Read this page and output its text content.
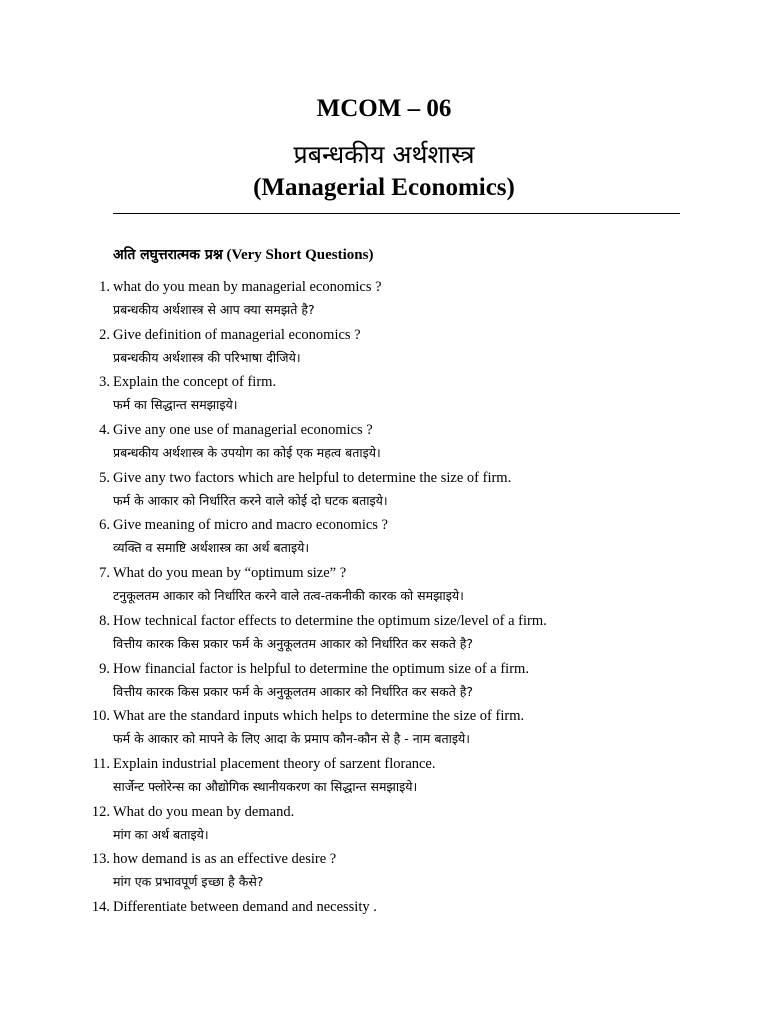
MCOM – 06
प्रबन्धकीय अर्थशास्त्र
(Managerial Economics)
अति लघुत्तरात्मक प्रश्न (Very Short Questions)
1. what do you mean by managerial economics ?
प्रबन्धकीय अर्थशास्त्र से आप क्या समझते है?
2. Give definition of managerial economics ?
प्रबन्धकीय अर्थशास्त्र की परिभाषा दीजिये।
3. Explain the concept of firm.
फर्म का सिद्धान्त समझाइये।
4. Give any one use of managerial economics ?
प्रबन्धकीय अर्थशास्त्र के उपयोग का कोई एक महत्व बताइये।
5. Give any two factors which are helpful to determine the size of firm.
फर्म के आकार को निर्धारित करने वाले कोई दो घटक बताइये।
6. Give meaning of micro and macro economics ?
व्यक्ति व समाष्टि अर्थशास्त्र का अर्थ बताइये।
7. What do you mean by “optimum size” ?
टनुकूलतम आकार को निर्धारित करने वाले तत्व-तकनीकी कारक को समझाइये।
8. How technical factor effects to determine the optimum size/level of a firm.
वित्तीय कारक किस प्रकार फर्म के अनुकूलतम आकार को निर्धारित कर सकते है?
9. How financial factor is helpful to determine the optimum size of a firm.
वित्तीय कारक किस प्रकार फर्म के अनुकूलतम आकार को निर्धारित कर सकते है?
10. What are the standard inputs which helps to determine the size of firm.
फर्म के आकार को मापने के लिए आदा के प्रमाप कौन-कौन से है - नाम बताइये।
11. Explain industrial placement theory of sarzent florance.
सार्जेन्ट फ्लोरेन्स का औद्योगिक स्थानीयकरण का सिद्धान्त समझाइये।
12. What do you mean by demand.
मांग का अर्थ बताइये।
13. how demand is as an effective desire ?
मांग एक प्रभावपूर्ण इच्छा है कैसे?
14. Differentiate between demand and necessity .
